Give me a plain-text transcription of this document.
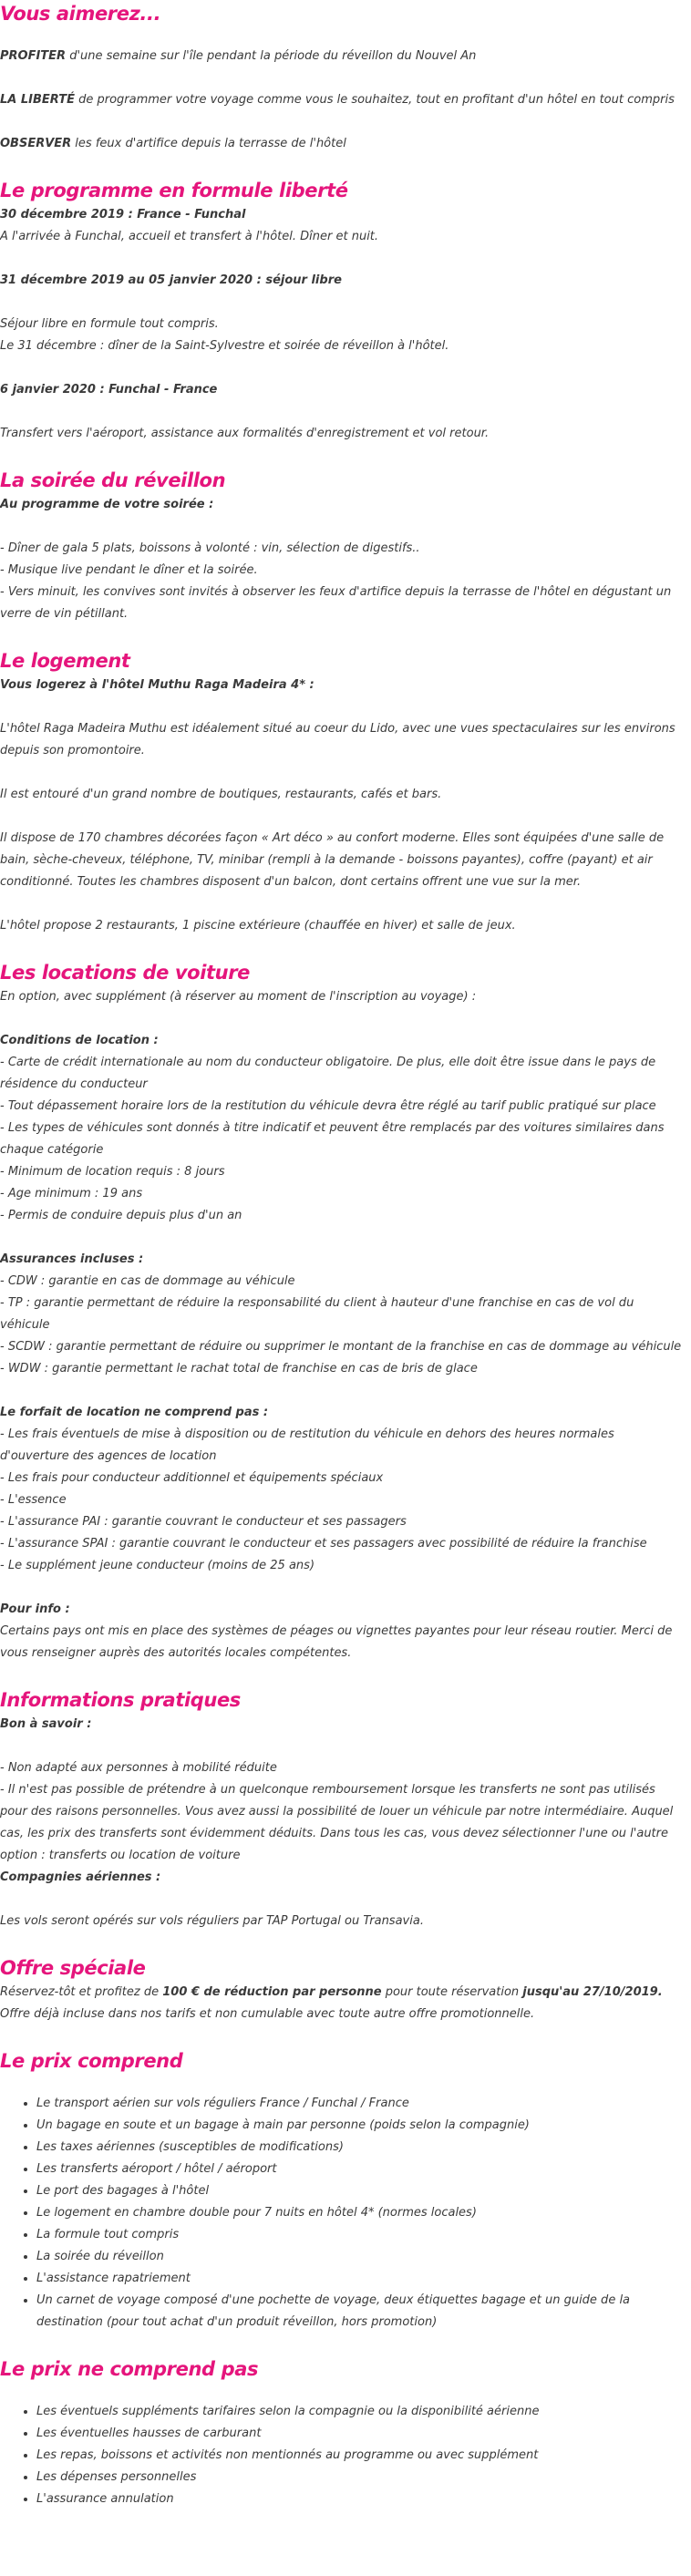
Vous aimerez...

PROFITER d'une semaine sur l'île pendant la période du réveillon du Nouvel An

LA LIBERTÉ de programmer votre voyage comme vous le souhaitez, tout en profitant d'un hôtel en tout compris

OBSERVER les feux d'artifice depuis la terrasse de l'hôtel

Le programme en formule liberté

30 décembre 2019 : France - Funchal

A l'arrivée à Funchal, accueil et transfert à l'hôtel. Dîner et nuit.

31 décembre 2019 au 05 janvier 2020 : séjour libre

Séjour libre en formule tout compris.

Le 31 décembre : dîner de la Saint-Sylvestre et soirée de réveillon à l'hôtel.

6 janvier 2020 : Funchal - France

Transfert vers l'aéroport, assistance aux formalités d'enregistrement et vol retour.

La soirée du réveillon

Au programme de votre soirée :

- Dîner de gala 5 plats, boissons à volonté : vin, sélection de digestifs..

- Musique live pendant le dîner et la soirée.

- Vers minuit, les convives sont invités à observer les feux d'artifice depuis la terrasse de l'hôtel en dégustant un verre de vin pétillant.

Le logement

Vous logerez à l'hôtel Muthu Raga Madeira 4* :

L'hôtel Raga Madeira Muthu est idéalement situé au coeur du Lido, avec une vues spectaculaires sur les environs depuis son promontoire.

Il est entouré d'un grand nombre de boutiques, restaurants, cafés et bars.

Il dispose de 170 chambres décorées façon « Art déco » au confort moderne. Elles sont équipées d'une salle de bain, sèche-cheveux, téléphone, TV, minibar (rempli à la demande - boissons payantes), coffre (payant) et air conditionné. Toutes les chambres disposent d'un balcon, dont certains offrent une vue sur la mer.

L'hôtel propose 2 restaurants, 1 piscine extérieure (chauffée en hiver) et salle de jeux.

Les locations de voiture

En option, avec supplément (à réserver au moment de l'inscription au voyage) :

Conditions de location :

- Carte de crédit internationale au nom du conducteur obligatoire. De plus, elle doit être issue dans le pays de résidence du conducteur

- Tout dépassement horaire lors de la restitution du véhicule devra être réglé au tarif public pratiqué sur place

- Les types de véhicules sont donnés à titre indicatif et peuvent être remplacés par des voitures similaires dans chaque catégorie

- Minimum de location requis : 8 jours

- Age minimum : 19 ans

- Permis de conduire depuis plus d'un an

Assurances incluses :

- CDW : garantie en cas de dommage au véhicule

- TP : garantie permettant de réduire la responsabilité du client à hauteur d'une franchise en cas de vol du véhicule

- SCDW : garantie permettant de réduire ou supprimer le montant de la franchise en cas de dommage au véhicule

- WDW : garantie permettant le rachat total de franchise en cas de bris de glace

Le forfait de location ne comprend pas :

- Les frais éventuels de mise à disposition ou de restitution du véhicule en dehors des heures normales d'ouverture des agences de location

- Les frais pour conducteur additionnel et équipements spéciaux

- L'essence

- L'assurance PAI : garantie couvrant le conducteur et ses passagers

- L'assurance SPAI : garantie couvrant le conducteur et ses passagers avec possibilité de réduire la franchise

- Le supplément jeune conducteur (moins de 25 ans)

Pour info :

Certains pays ont mis en place des systèmes de péages ou vignettes payantes pour leur réseau routier. Merci de vous renseigner auprès des autorités locales compétentes.

Informations pratiques

Bon à savoir :

- Non adapté aux personnes à mobilité réduite

- Il n'est pas possible de prétendre à un quelconque remboursement lorsque les transferts ne sont pas utilisés pour des raisons personnelles. Vous avez aussi la possibilité de louer un véhicule par notre intermédiaire. Auquel cas, les prix des transferts sont évidemment déduits. Dans tous les cas, vous devez sélectionner l'une ou l'autre option : transferts ou location de voiture

Compagnies aériennes :

Les vols seront opérés sur vols réguliers par TAP Portugal ou Transavia.

Offre spéciale

Réservez-tôt et profitez de 100 € de réduction par personne pour toute réservation jusqu'au 27/10/2019.

Offre déjà incluse dans nos tarifs et non cumulable avec toute autre offre promotionnelle.

Le prix comprend
• Le transport aérien sur vols réguliers France / Funchal / France
• Un bagage en soute et un bagage à main par personne (poids selon la compagnie)
• Les taxes aériennes (susceptibles de modifications)
• Les transferts aéroport / hôtel / aéroport
• Le port des bagages à l'hôtel
• Le logement en chambre double pour 7 nuits en hôtel 4* (normes locales)
• La formule tout compris
• La soirée du réveillon
• L'assistance rapatriement
• Un carnet de voyage composé d'une pochette de voyage, deux étiquettes bagage et un guide de la destination (pour tout achat d'un produit réveillon, hors promotion)
Le prix ne comprend pas
• Les éventuels suppléments tarifaires selon la compagnie ou la disponibilité aérienne
• Les éventuelles hausses de carburant
• Les repas, boissons et activités non mentionnés au programme ou avec supplément
• Les dépenses personnelles
• L'assurance annulation
